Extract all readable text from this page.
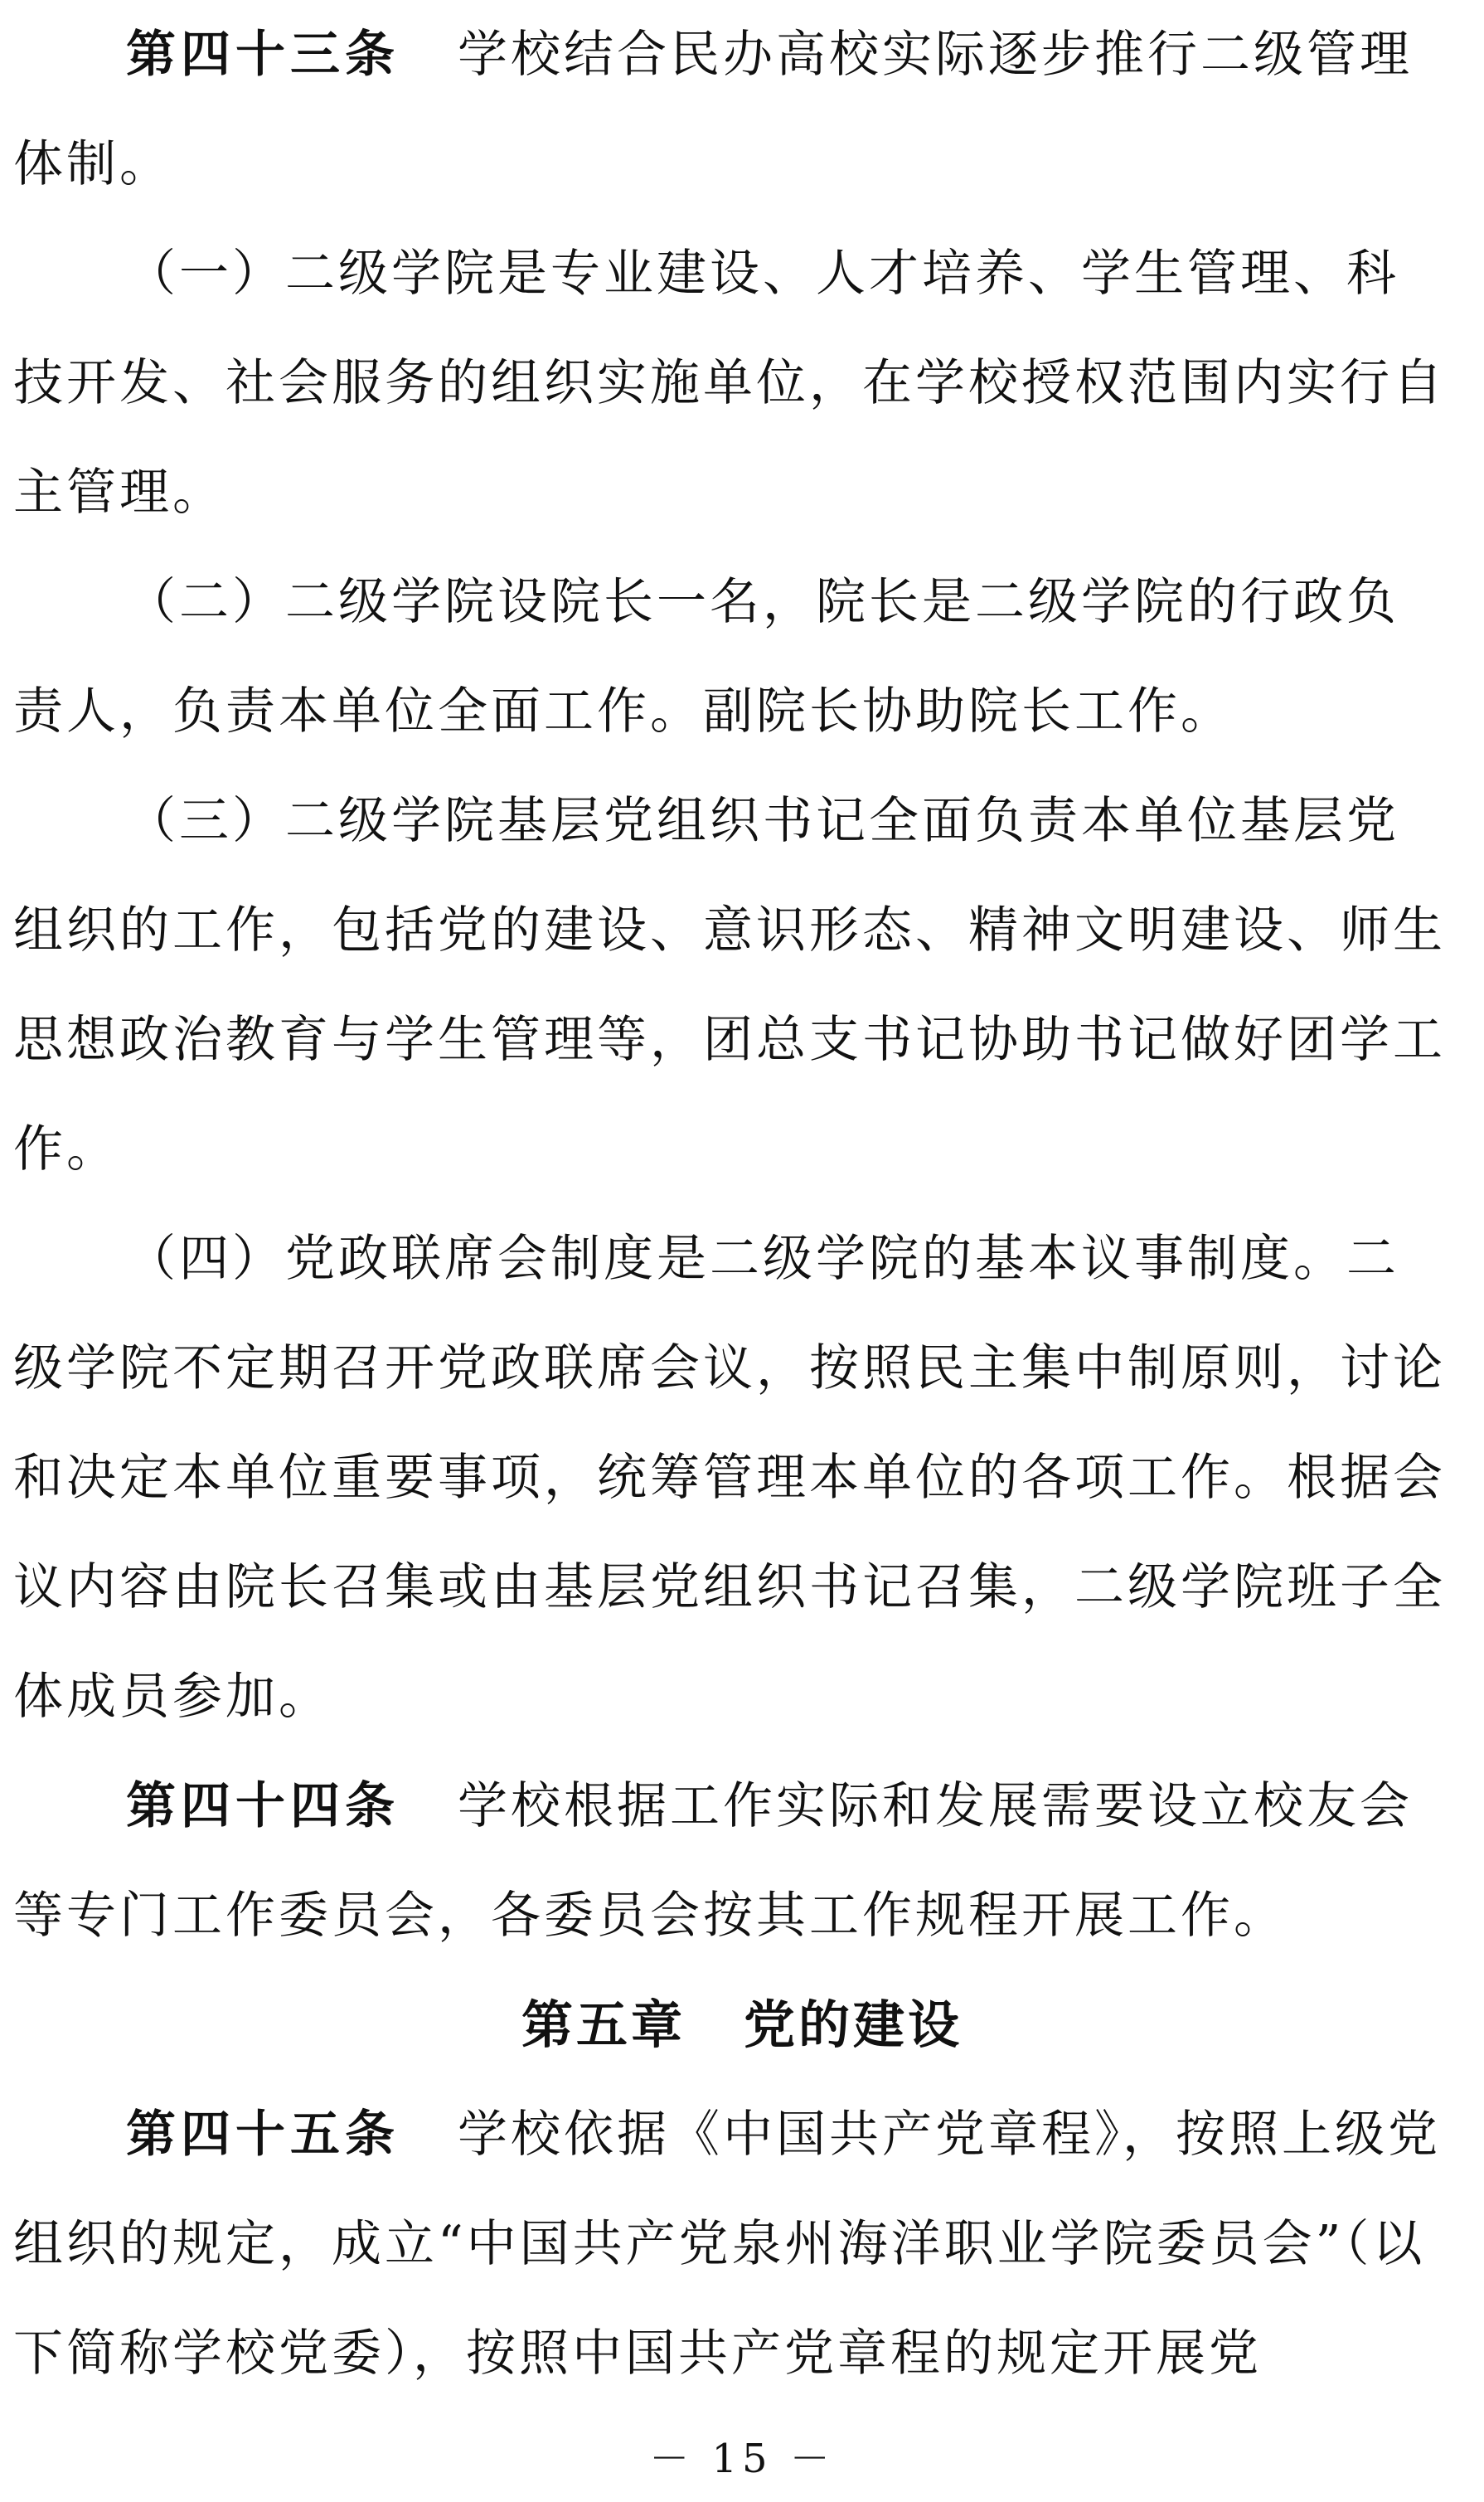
第四十三条 学校结合民办高校实际逐步推行二级管理体制。

（一）二级学院是专业建设、人才培养、学生管理、科技开发、社会服务的组织实施单位，在学校授权范围内实行自主管理。

（二）二级学院设院长一名，院长是二级学院的行政负责人，负责本单位全面工作。副院长协助院长工作。

（三）二级学院基层党组织书记全面负责本单位基层党组织的工作，包括党的建设、意识形态、精神文明建设、师生思想政治教育与学生管理等，团总支书记协助书记做好团学工作。

（四）党政联席会制度是二级学院的基本议事制度。二级学院不定期召开党政联席会议，按照民主集中制原则，讨论和决定本单位重要事项，统筹管理本单位的各项工作。根据会议内容由院长召集或由基层党组织书记召集，二级学院班子全体成员参加。

第四十四条 学校根据工作实际和发展需要设立校友会等专门工作委员会，各委员会按其工作规程开展工作。

第五章 党的建设

第四十五条 学校依据《中国共产党章程》，按照上级党组织的规定，成立“中国共产党泉州海洋职业学院委员会”（以下简称学校党委），按照中国共产党章程的规定开展党

－ 15 －
